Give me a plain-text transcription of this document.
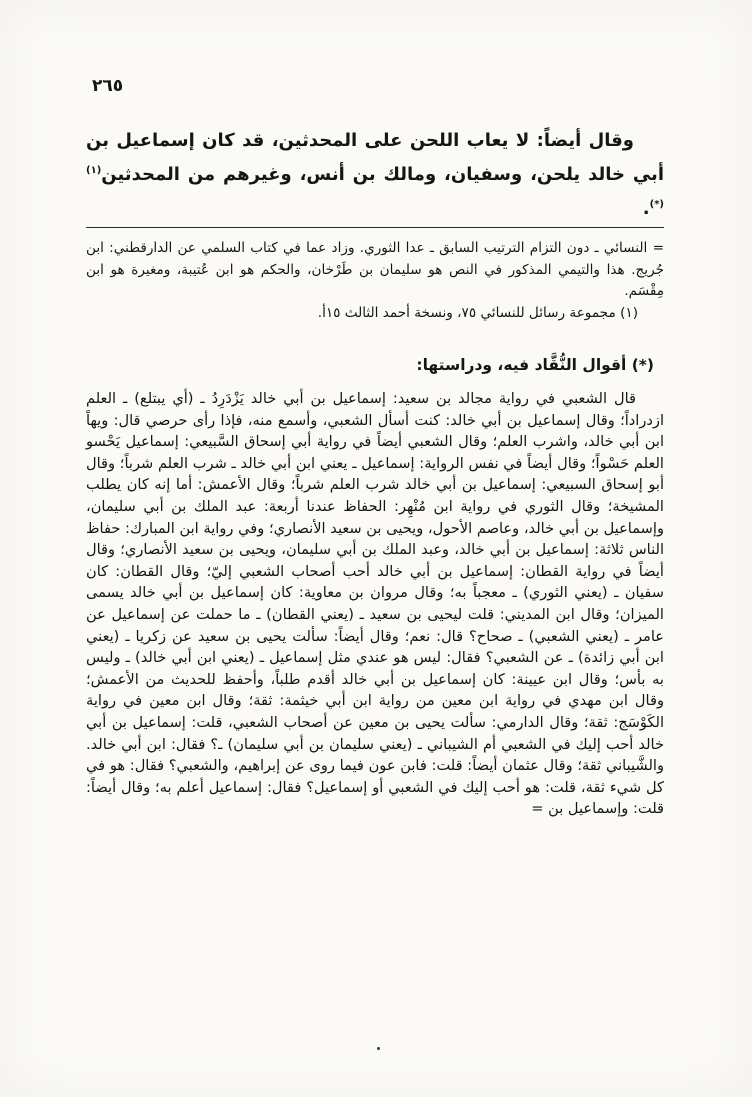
٢٦٥
وقال أيضاً: لا يعاب اللحن على المحدثين، قد كان إسماعيل بن أبي خالد يلحن، وسفيان، ومالك بن أنس، وغيرهم من المحدثين$^{(١)(*)}$.
= النسائي ـ دون التزام الترتيب السابق ـ عدا الثوري. وزاد عما في كتاب السلمي عن الدارقطني: ابن جُريج. هذا والتيمي المذكور في النص هو سليمان بن طَرْخان، والحكم هو ابن عُتيبة، ومغيرة هو ابن مِقْسَم.
(١) مجموعة رسائل للنسائي ٧٥، ونسخة أحمد الثالث ١٥أ.
(*) أقوال النُّقَّاد فيه، ودراستها:
قال الشعبي في رواية مجالد بن سعيد: إسماعيل بن أبي خالد يَزْدَرِدُ ـ (أي يبتلع) ـ العلم ازدراداً؛ وقال إسماعيل بن أبي خالد: كنت أسأل الشعبي، وأسمع منه، فإذا رأى حرصي قال: ويهاً ابن أبي خالد، واشرب العلم؛ وقال الشعبي أيضاً في رواية أبي إسحاق السَّبيعي: إسماعيل يَحْسو العلم حَسْواً؛ وقال أيضاً في نفس الرواية: إسماعيل ـ يعني ابن أبي خالد ـ شرب العلم شرباً؛ وقال أبو إسحاق السبيعي: إسماعيل بن أبي خالد شرب العلم شرباً؛ وقال الأعمش: أما إنه كان يطلب المشيخة؛ وقال الثوري في رواية ابن مُنْهِر: الحفاظ عندنا أربعة: عبد الملك بن أبي سليمان، وإسماعيل بن أبي خالد، وعاصم الأحول، ويحيى بن سعيد الأنصاري؛ وفي رواية ابن المبارك: حفاظ الناس ثلاثة: إسماعيل بن أبي خالد، وعبد الملك بن أبي سليمان، ويحيى بن سعيد الأنصاري؛ وقال أيضاً في رواية القطان: إسماعيل بن أبي خالد أحب أصحاب الشعبي إليّ؛ وقال القطان: كان سفيان ـ (يعني الثوري) ـ معجباً به؛ وقال مروان بن معاوية: كان إسماعيل بن أبي خالد يسمى الميزان؛ وقال ابن المديني: قلت ليحيى بن سعيد ـ (يعني القطان) ـ ما حملت عن إسماعيل عن عامر ـ (يعني الشعبي) ـ صحاح؟ قال: نعم؛ وقال أيضاً: سألت يحيى بن سعيد عن زكريا ـ (يعني ابن أبي زائدة) ـ عن الشعبي؟ فقال: ليس هو عندي مثل إسماعيل ـ (يعني ابن أبي خالد) ـ وليس به بأس؛ وقال ابن عيينة: كان إسماعيل بن أبي خالد أقدم طلباً، وأحفظ للحديث من الأعمش؛ وقال ابن مهدي في رواية ابن معين من رواية ابن أبي خيثمة: ثقة؛ وقال ابن معين في رواية الكَوْسَج: ثقة؛ وقال الدارمي: سألت يحيى بن معين عن أصحاب الشعبي، قلت: إسماعيل بن أبي خالد أحب إليك في الشعبي أم الشيباني ـ (يعني سليمان بن أبي سليمان) ـ؟ فقال: ابن أبي خالد. والشَّيباني ثقة؛ وقال عثمان أيضاً: قلت: فابن عون فيما روى عن إبراهيم، والشعبي؟ فقال: هو في كل شيء ثقة، قلت: هو أحب إليك في الشعبي أو إسماعيل؟ فقال: إسماعيل أعلم به؛ وقال أيضاً: قلت: وإسماعيل بن =
